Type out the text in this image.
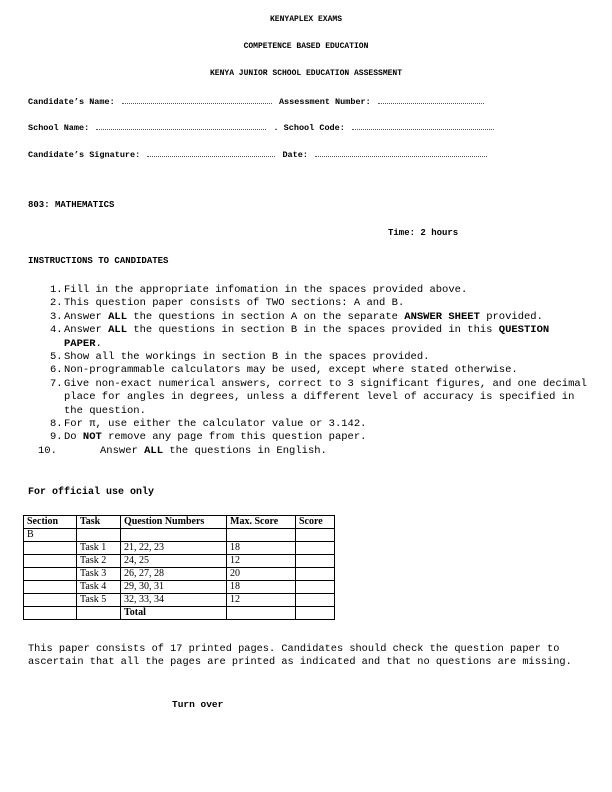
KENYAPLEX EXAMS
COMPETENCE BASED EDUCATION
KENYA JUNIOR SCHOOL EDUCATION ASSESSMENT
Candidate’s Name:	Assessment Number:
School Name:	. School Code:
Candidate’s Signature:	Date:
803: MATHEMATICS
Time: 2 hours
INSTRUCTIONS TO CANDIDATES
1. Fill in the appropriate infomation in the spaces provided above.
2. This question paper consists of TWO sections: A and B.
3. Answer ALL the questions in section A on the separate ANSWER SHEET provided.
4. Answer ALL the questions in section B in the spaces provided in this QUESTION PAPER.
5. Show all the workings in section B in the spaces provided.
6. Non-programmable calculators may be used, except where stated otherwise.
7. Give non-exact numerical answers, correct to 3 significant figures, and one decimal place for angles in degrees, unless a different level of accuracy is specified in the question.
8. For π, use either the calculator value or 3.142.
9. Do NOT remove any page from this question paper.
10.	Answer ALL the questions in English.
For official use only
Section	Task	Question Numbers	Max. Score	Score
B				
	Task 1	21, 22, 23	18	
	Task 2	24, 25	12	
	Task 3	26, 27, 28	20	
	Task 4	29, 30, 31	18	
	Task 5	32, 33, 34	12	
		Total		
This paper consists of 17 printed pages. Candidates should check the question paper to ascertain that all the pages are printed as indicated and that no questions are missing.
Turn over
